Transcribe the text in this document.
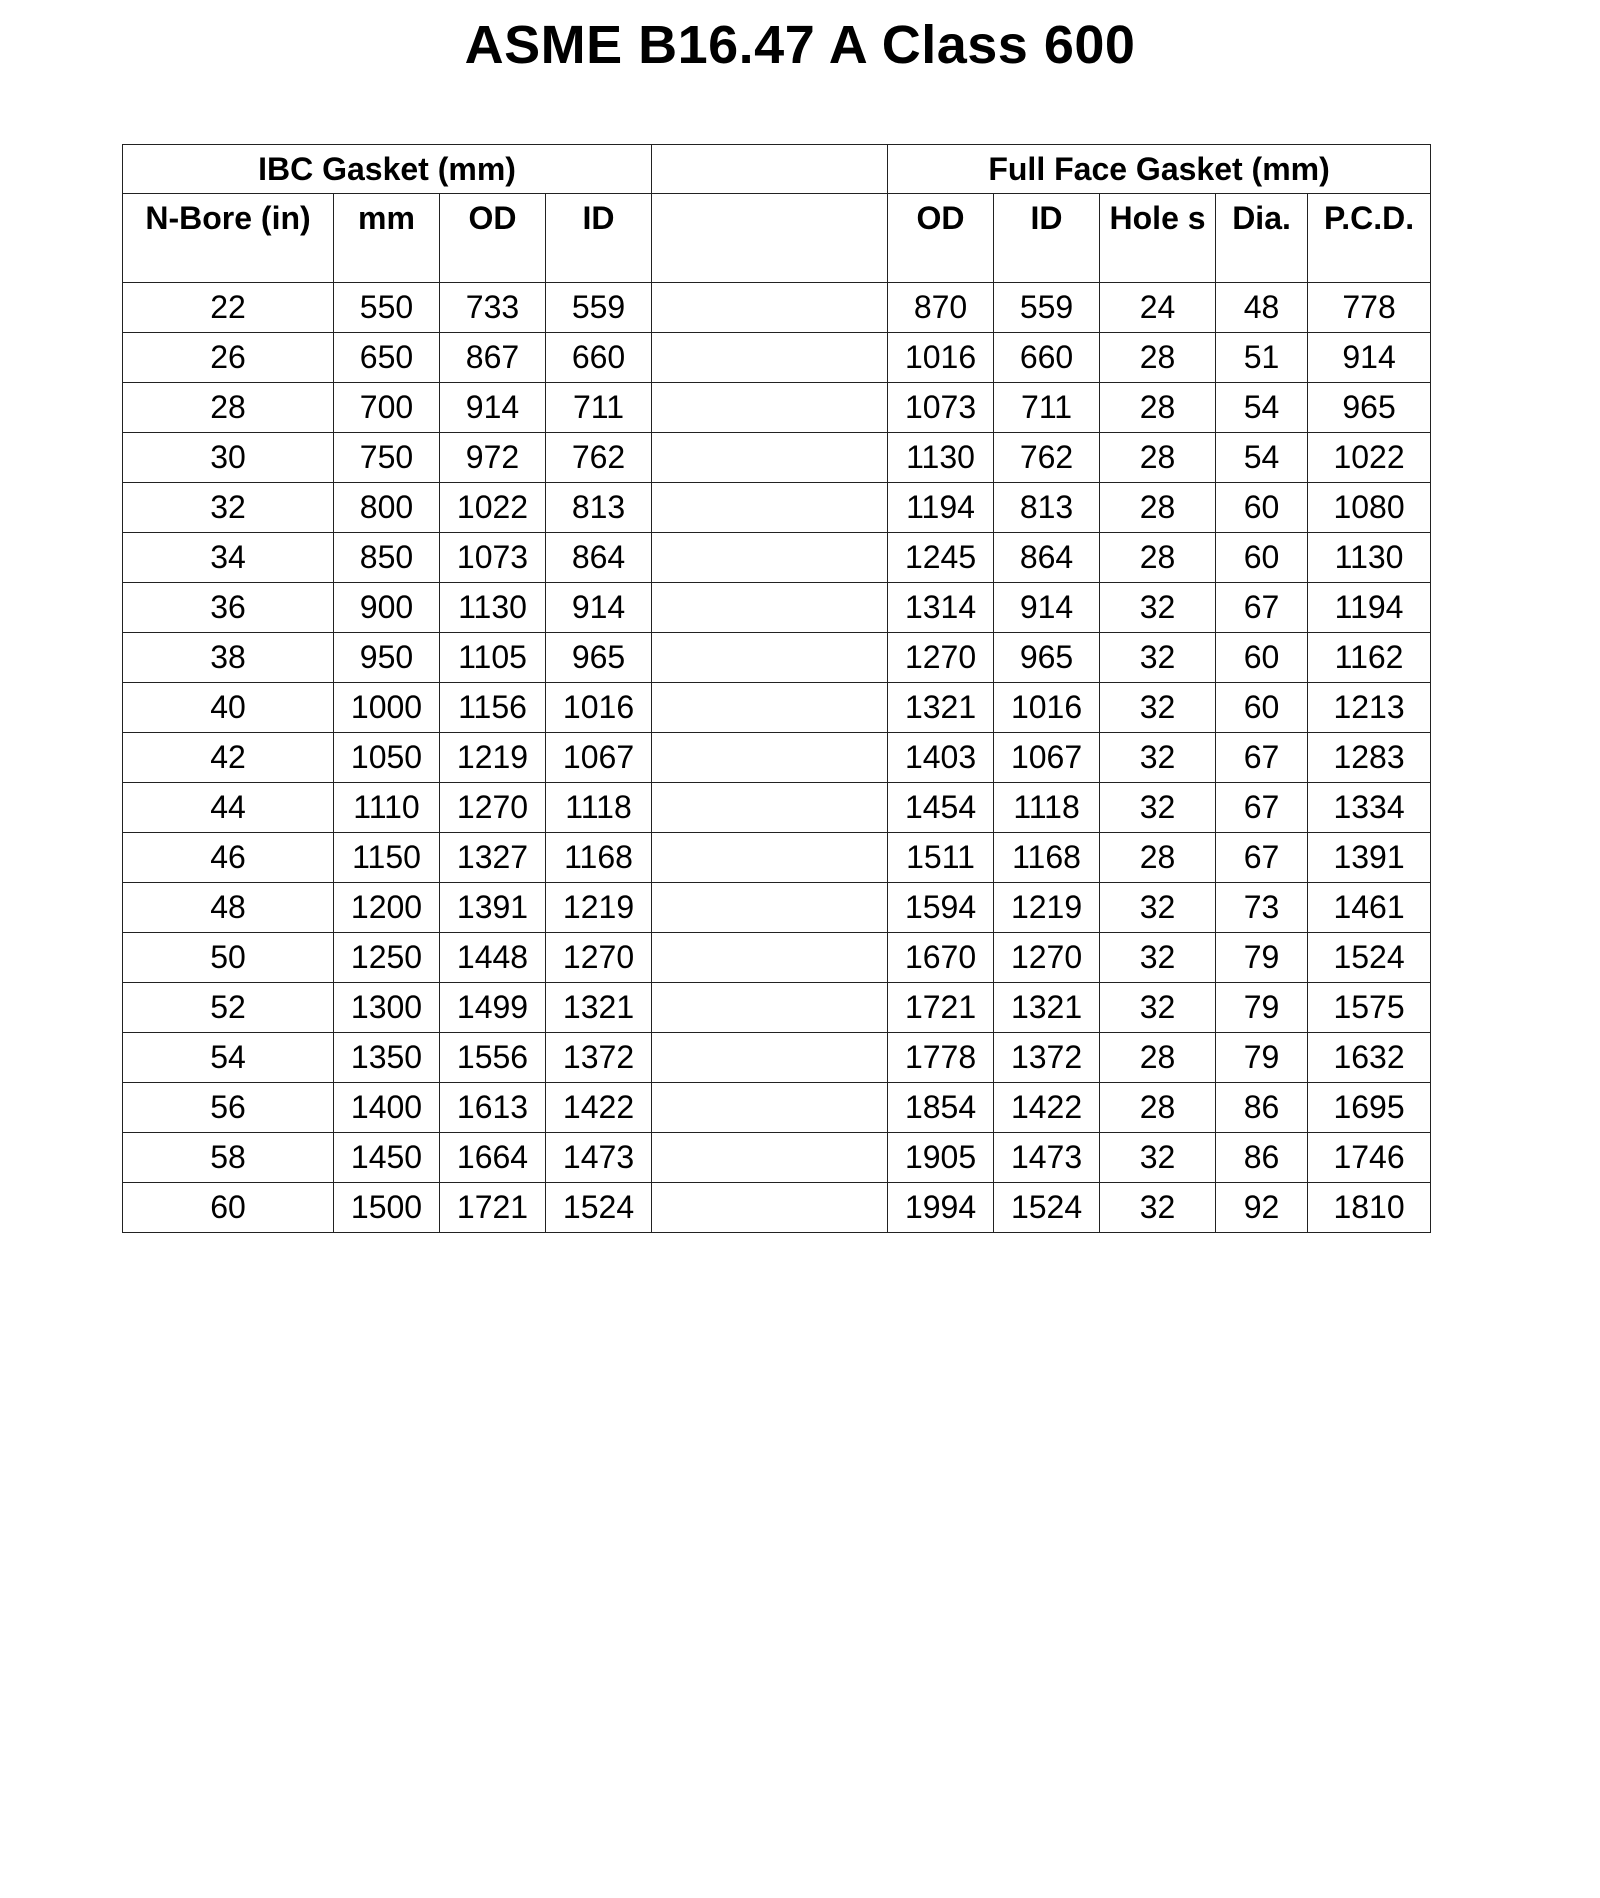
ASME B16.47 A Class 600
IBC Gasket (mm)					Full Face Gasket (mm)				
N-Bore (in)	mm	OD	ID		OD	ID	Hole s	Dia.	P.C.D.
22	550	733	559		870	559	24	48	778
26	650	867	660		1016	660	28	51	914
28	700	914	711		1073	711	28	54	965
30	750	972	762		1130	762	28	54	1022
32	800	1022	813		1194	813	28	60	1080
34	850	1073	864		1245	864	28	60	1130
36	900	1130	914		1314	914	32	67	1194
38	950	1105	965		1270	965	32	60	1162
40	1000	1156	1016		1321	1016	32	60	1213
42	1050	1219	1067		1403	1067	32	67	1283
44	1110	1270	1118		1454	1118	32	67	1334
46	1150	1327	1168		1511	1168	28	67	1391
48	1200	1391	1219		1594	1219	32	73	1461
50	1250	1448	1270		1670	1270	32	79	1524
52	1300	1499	1321		1721	1321	32	79	1575
54	1350	1556	1372		1778	1372	28	79	1632
56	1400	1613	1422		1854	1422	28	86	1695
58	1450	1664	1473		1905	1473	32	86	1746
60	1500	1721	1524		1994	1524	32	92	1810
